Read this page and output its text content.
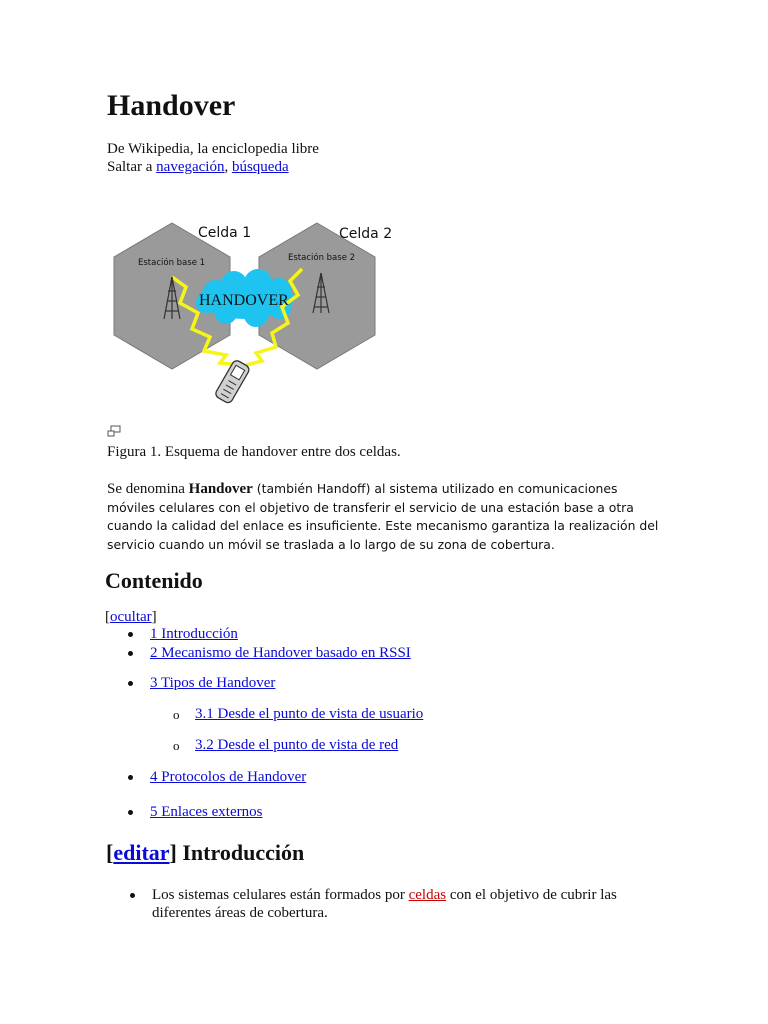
Handover
De Wikipedia, la enciclopedia libre
Saltar a navegación, búsqueda
Celda 1	Celda 2
Estación base 1	Estación base 2
HANDOVER
Figura 1. Esquema de handover entre dos celdas.
Se denomina Handover (también Handoff) al sistema utilizado en comunicaciones móviles celulares con el objetivo de transferir el servicio de una estación base a otra cuando la calidad del enlace es insuficiente. Este mecanismo garantiza la realización del servicio cuando un móvil se traslada a lo largo de su zona de cobertura.
Contenido
[ocultar]
1 Introducción
2 Mecanismo de Handover basado en RSSI
3 Tipos de Handover
o 3.1 Desde el punto de vista de usuario
o 3.2 Desde el punto de vista de red
4 Protocolos de Handover
5 Enlaces externos
[editar] Introducción
Los sistemas celulares están formados por celdas con el objetivo de cubrir las diferentes áreas de cobertura.
